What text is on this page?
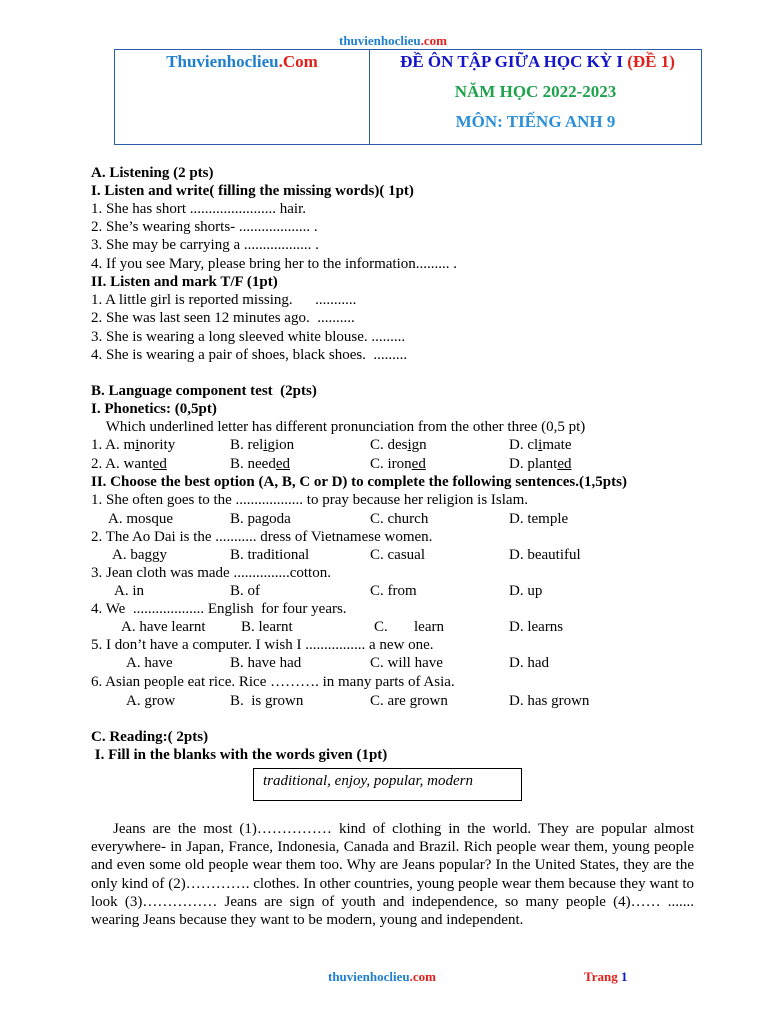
thuvienhoclieu.com
Thuvienhoclieu.Com	ĐỀ ÔN TẬP GIỮA HỌC KỲ I (ĐỀ 1)
NĂM HỌC 2022-2023
MÔN: TIẾNG ANH 9
A. Listening (2 pts)
I. Listen and write( filling the missing words)( 1pt)
1. She has short ....................... hair.
2. She’s wearing shorts- ................... .
3. She may be carrying a .................. .
4. If you see Mary, please bring her to the information......... .
II. Listen and mark T/F (1pt)
1. A little girl is reported missing.      ...........
2. She was last seen 12 minutes ago.  ..........
3. She is wearing a long sleeved white blouse. .........
4. She is wearing a pair of shoes, black shoes.  .........
B. Language component test  (2pts)
I. Phonetics: (0,5pt)
Which underlined letter has different pronunciation from the other three (0,5 pt)
1. A. minority	B. religion	C. design	D. climate
2. A. wanted	B. needed	C. ironed	D. planted
II. Choose the best option (A, B, C or D) to complete the following sentences.(1,5pts)
1. She often goes to the .................. to pray because her religion is Islam.
A. mosque	B. pagoda	C. church	D. temple
2. The Ao Dai is the ........... dress of Vietnamese women.
A. baggy	B. traditional	C. casual	D. beautiful
3. Jean cloth was made ...............cotton.
A. in	B. of	C. from	D. up
4. We  ................... English  for four years.
A. have learnt B. learnt	C.       learn	D. learns
5. I don’t have a computer. I wish I ................ a new one.
A. have	B. have had	C. will have	D. had
6. Asian people eat rice. Rice ………. in many parts of Asia.
A. grow	B.  is grown	C. are grown	D. has grown
C. Reading:( 2pts)
I. Fill in the blanks with the words given (1pt)
traditional, enjoy, popular, modern
Jeans are the most (1)…………… kind of clothing in the world. They are popular almost everywhere- in Japan, France, Indonesia, Canada and Brazil. Rich people wear them, young people and even some old people wear them too. Why are Jeans popular? In the United States, they are the only kind of (2)…………. clothes. In other countries, young people wear them because they want to look (3)…………… Jeans are sign of youth and independence, so many people (4)…… ....... wearing Jeans because they want to be modern, young and independent.
thuvienhoclieu.com	Trang 1
